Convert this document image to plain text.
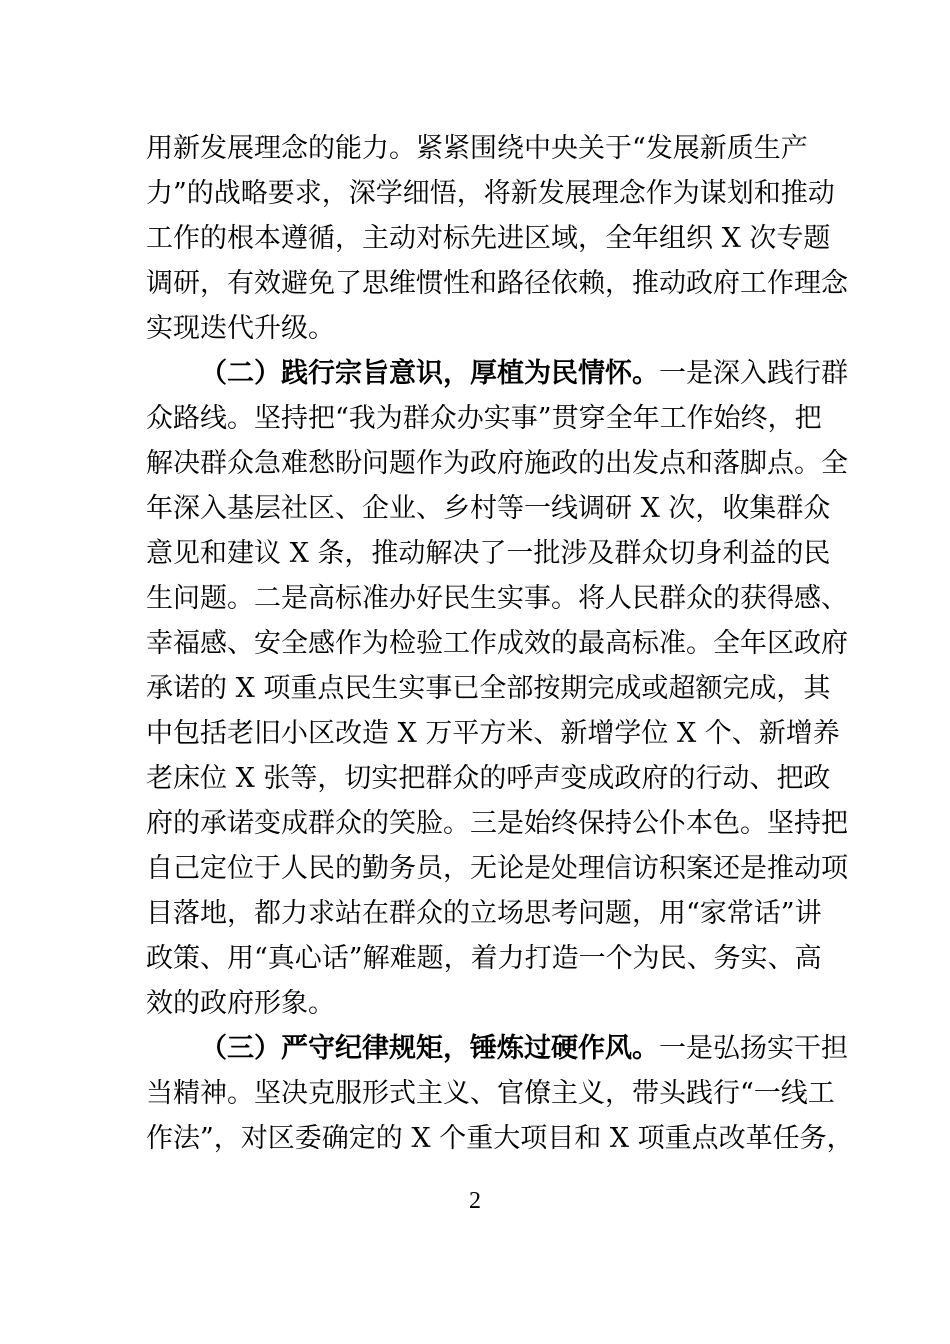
用新发展理念的能力。紧紧围绕中央关于“发展新质生产
力”的战略要求，深学细悟，将新发展理念作为谋划和推动
工作的根本遵循，主动对标先进区域，全年组织 X 次专题
调研，有效避免了思维惯性和路径依赖，推动政府工作理念
实现迭代升级。
（二）践行宗旨意识，厚植为民情怀。一是深入践行群
众路线。坚持把“我为群众办实事”贯穿全年工作始终，把
解决群众急难愁盼问题作为政府施政的出发点和落脚点。全
年深入基层社区、企业、乡村等一线调研 X 次，收集群众
意见和建议 X 条，推动解决了一批涉及群众切身利益的民
生问题。二是高标准办好民生实事。将人民群众的获得感、
幸福感、安全感作为检验工作成效的最高标准。全年区政府
承诺的 X 项重点民生实事已全部按期完成或超额完成，其
中包括老旧小区改造 X 万平方米、新增学位 X 个、新增养
老床位 X 张等，切实把群众的呼声变成政府的行动、把政
府的承诺变成群众的笑脸。三是始终保持公仆本色。坚持把
自己定位于人民的勤务员，无论是处理信访积案还是推动项
目落地，都力求站在群众的立场思考问题，用“家常话”讲
政策、用“真心话”解难题，着力打造一个为民、务实、高
效的政府形象。
（三）严守纪律规矩，锤炼过硬作风。一是弘扬实干担
当精神。坚决克服形式主义、官僚主义，带头践行“一线工
作法”，对区委确定的 X 个重大项目和 X 项重点改革任务，
2
